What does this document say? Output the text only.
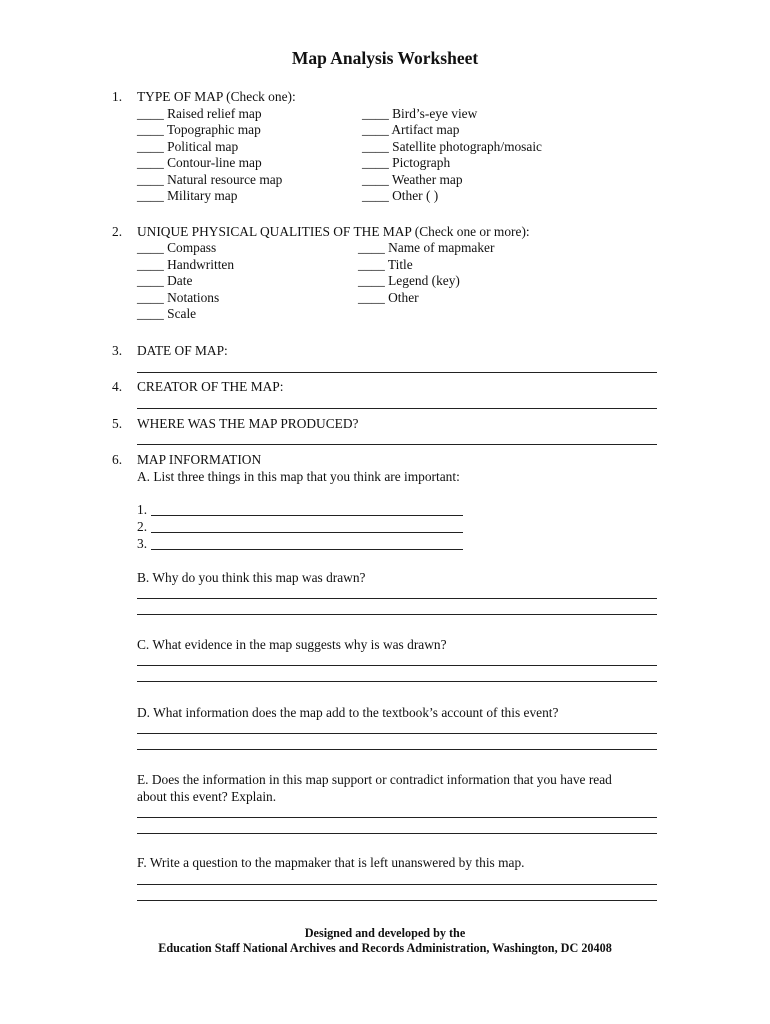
Map Analysis Worksheet
1. TYPE OF MAP (Check one):
____ Raised relief map
____ Topographic map
____ Political map
____ Contour-line map
____ Natural resource map
____ Military map
____ Bird’s-eye view
____ Artifact map
____ Satellite photograph/mosaic
____ Pictograph
____ Weather map
____ Other ( )
2. UNIQUE PHYSICAL QUALITIES OF THE MAP (Check one or more):
____ Compass
____ Handwritten
____ Date
____ Notations
____ Scale
____ Name of mapmaker
____ Title
____ Legend (key)
____ Other
3. DATE OF MAP:
4. CREATOR OF THE MAP:
5. WHERE WAS THE MAP PRODUCED?
6. MAP INFORMATION
A. List three things in this map that you think are important:
1.
2.
3.
B. Why do you think this map was drawn?
C. What evidence in the map suggests why is was drawn?
D. What information does the map add to the textbook’s account of this event?
E. Does the information in this map support or contradict information that you have read
about this event? Explain.
F. Write a question to the mapmaker that is left unanswered by this map.
Designed and developed by the
Education Staff National Archives and Records Administration, Washington, DC 20408
